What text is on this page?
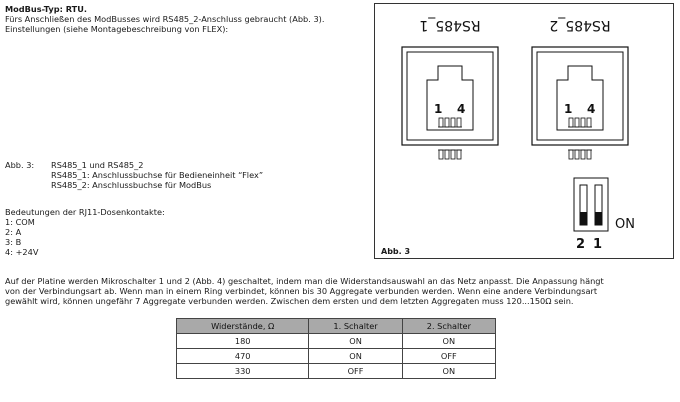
ModBus-Typ: RTU.
Fürs Anschließen des ModBusses wird RS485_2-Anschluss gebraucht (Abb. 3).
Einstellungen (siehe Montagebeschreibung von FLEX):
Abb. 3: RS485_1 und RS485_2
RS485_1: Anschlussbuchse für Bedieneinheit “Flex”
RS485_2: Anschlussbuchse für ModBus
Bedeutungen der RJ11-Dosenkontakte:
1: COM
2: A
3: B
4: +24V
RS485_1	RS485_2
1 4	1 4
ON
2 1
Abb. 3
Auf der Platine werden Mikroschalter 1 und 2 (Abb. 4) geschaltet, indem man die Widerstandsauswahl an das Netz anpasst. Die Anpassung hängt
von der Verbindungsart ab. Wenn man in einem Ring verbindet, können bis 30 Aggregate verbunden werden. Wenn eine andere Verbindungsart
gewählt wird, können ungefähr 7 Aggregate verbunden werden. Zwischen dem ersten und dem letzten Aggregaten muss 120...150Ω sein.
Widerstände, Ω	1. Schalter	2. Schalter
180	ON	ON
470	ON	OFF
330	OFF	ON
